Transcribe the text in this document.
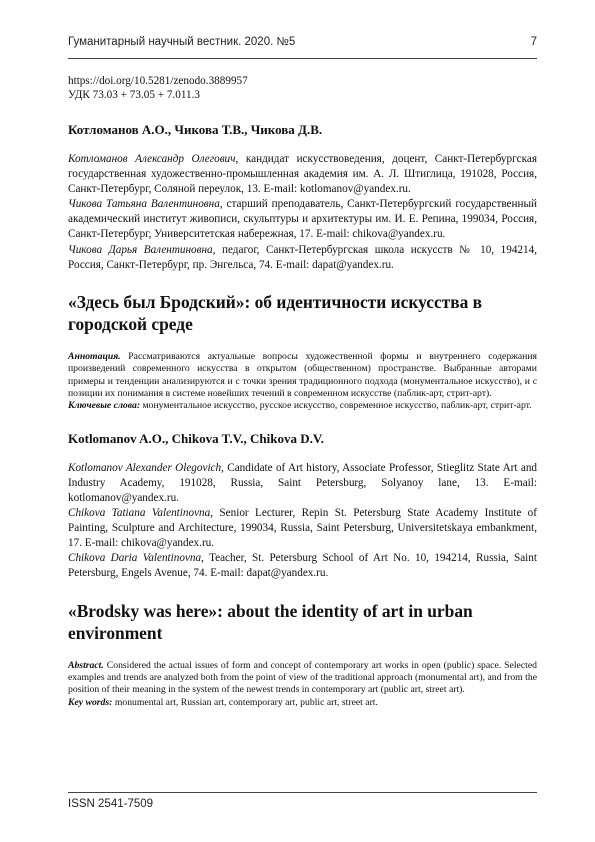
Гуманитарный научный вестник. 2020. №5	7
https://doi.org/10.5281/zenodo.3889957
УДК 73.03 + 73.05 + 7.011.3
Котломанов А.О., Чикова Т.В., Чикова Д.В.

Котломанов Александр Олегович, кандидат искусствоведения, доцент, Санкт-Петербургская государственная художественно-промышленная академия им. А. Л. Штиглица, 191028, Россия, Санкт-Петербург, Соляной переулок, 13. E-mail: kotlomanov@yandex.ru.

Чикова Татьяна Валентиновна, старший преподаватель, Санкт-Петербургский государственный академический институт живописи, скульптуры и архитектуры им. И. Е. Репина, 199034, Россия, Санкт-Петербург, Университетская набережная, 17. E-mail: chikova@yandex.ru.

Чикова Дарья Валентиновна, педагог, Санкт-Петербургская школа искусств № 10, 194214, Россия, Санкт-Петербург, пр. Энгельса, 74. E-mail: dapat@yandex.ru.

«Здесь был Бродский»: об идентичности искусства в городской среде

Аннотация. Рассматриваются актуальные вопросы художественной формы и внутреннего содержания произведений современного искусства в открытом (общественном) пространстве. Выбранные авторами примеры и тенденции анализируются и с точки зрения традиционного подхода (монументальное искусство), и с позиции их понимания в системе новейших течений в современном искусстве (паблик-арт, стрит-арт).

Ключевые слова: монументальное искусство, русское искусство, современное искусство, паблик-арт, стрит-арт.

Kotlomanov A.O., Chikova T.V., Chikova D.V.

Kotlomanov Alexander Olegovich, Candidate of Art history, Associate Professor, Stieglitz State Art and Industry Academy, 191028, Russia, Saint Petersburg, Solyanoy lane, 13. E-mail: kotlomanov@yandex.ru.

Chikova Tatiana Valentinovna, Senior Lecturer, Repin St. Petersburg State Academy Institute of Painting, Sculpture and Architecture, 199034, Russia, Saint Petersburg, Universitetskaya embankment, 17. E-mail: chikova@yandex.ru.

Chikova Daria Valentinovna, Teacher, St. Petersburg School of Art No. 10, 194214, Russia, Saint Petersburg, Engels Avenue, 74. E-mail: dapat@yandex.ru.

«Brodsky was here»: about the identity of art in urban environment

Abstract. Considered the actual issues of form and concept of contemporary art works in open (public) space. Selected examples and trends are analyzed both from the point of view of the traditional approach (monumental art), and from the position of their meaning in the system of the newest trends in contemporary art (public art, street art).

Key words: monumental art, Russian art, contemporary art, public art, street art.

ISSN 2541-7509
